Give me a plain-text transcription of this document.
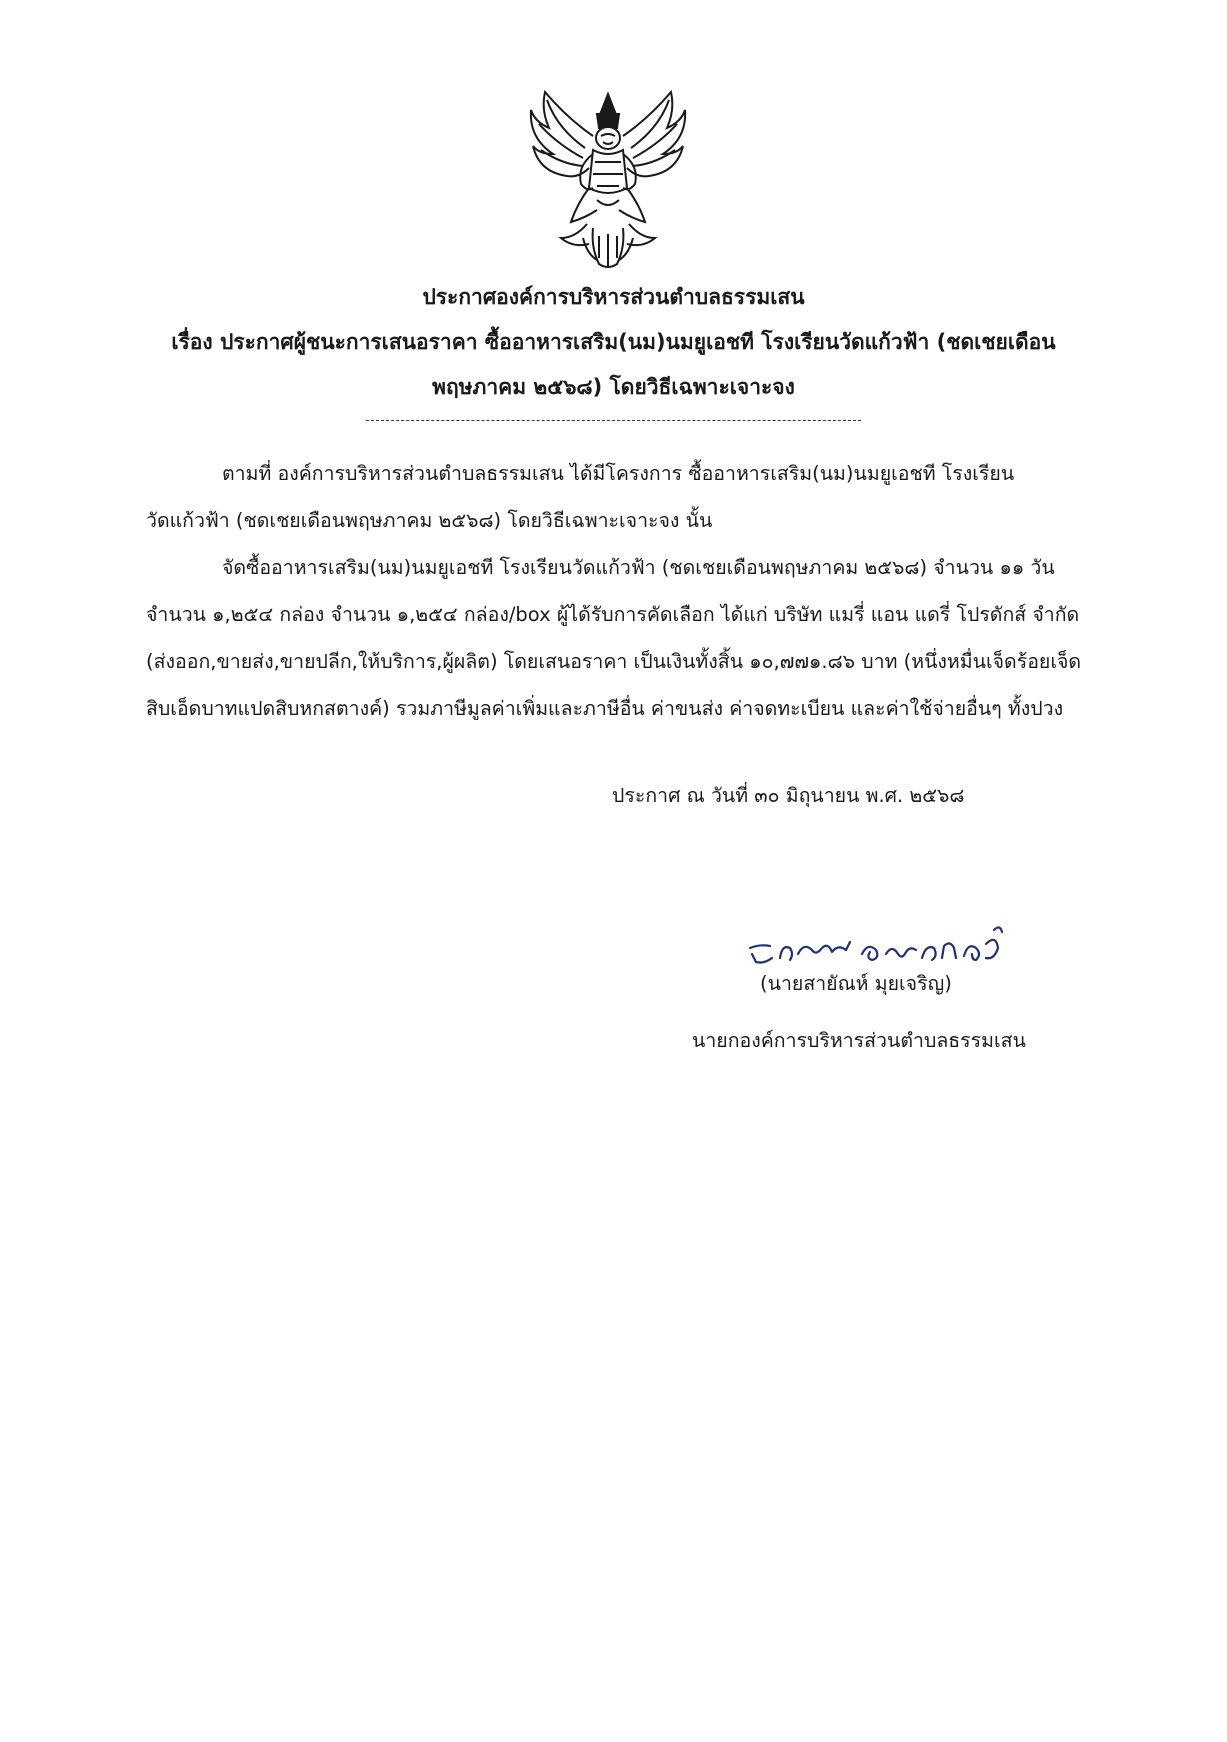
ประกาศองค์การบริหารส่วนตำบลธรรมเสน
เรื่อง ประกาศผู้ชนะการเสนอราคา ซื้ออาหารเสริม(นม)นมยูเอชที โรงเรียนวัดแก้วฟ้า (ชดเชยเดือน
พฤษภาคม ๒๕๖๘) โดยวิธีเฉพาะเจาะจง
ตามที่ องค์การบริหารส่วนตำบลธรรมเสน ได้มีโครงการ ซื้ออาหารเสริม(นม)นมยูเอชที โรงเรียน
วัดแก้วฟ้า (ชดเชยเดือนพฤษภาคม ๒๕๖๘) โดยวิธีเฉพาะเจาะจง นั้น
จัดซื้ออาหารเสริม(นม)นมยูเอชที โรงเรียนวัดแก้วฟ้า (ชดเชยเดือนพฤษภาคม ๒๕๖๘) จำนวน ๑๑ วัน
จำนวน ๑,๒๕๔ กล่อง จำนวน ๑,๒๕๔ กล่อง/box ผู้ได้รับการคัดเลือก ได้แก่ บริษัท แมรี่ แอน แดรี่ โปรดักส์ จำกัด
(ส่งออก,ขายส่ง,ขายปลีก,ให้บริการ,ผู้ผลิต) โดยเสนอราคา เป็นเงินทั้งสิ้น ๑๐,๗๗๑.๘๖ บาท (หนึ่งหมื่นเจ็ดร้อยเจ็ด
สิบเอ็ดบาทแปดสิบหกสตางค์) รวมภาษีมูลค่าเพิ่มและภาษีอื่น ค่าขนส่ง ค่าจดทะเบียน และค่าใช้จ่ายอื่นๆ ทั้งปวง
ประกาศ ณ วันที่ ๓๐ มิถุนายน พ.ศ. ๒๕๖๘
(นายสายัณห์ มุยเจริญ)
นายกองค์การบริหารส่วนตำบลธรรมเสน
